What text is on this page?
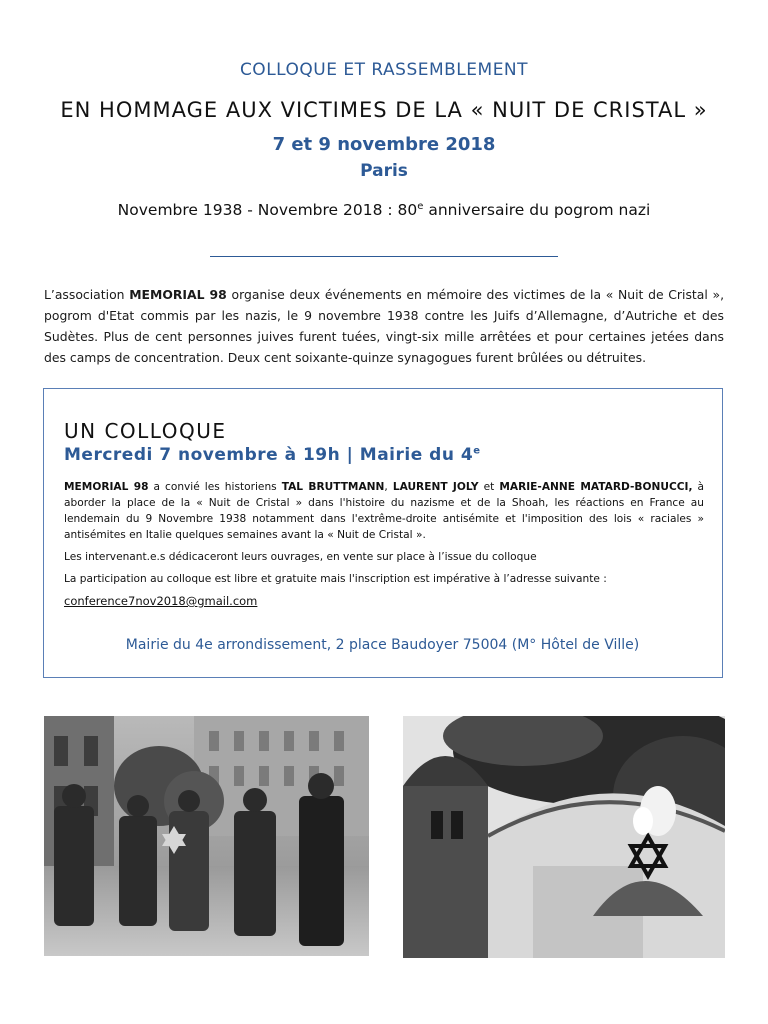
COLLOQUE ET RASSEMBLEMENT
EN HOMMAGE AUX VICTIMES DE LA « NUIT DE CRISTAL »
7 et 9 novembre 2018
Paris
Novembre 1938 - Novembre 2018 : 80e anniversaire du pogrom nazi
L’association MEMORIAL 98 organise deux événements en mémoire des victimes de la « Nuit de Cristal », pogrom d'Etat commis par les nazis, le 9 novembre 1938 contre les Juifs d’Allemagne, d’Autriche et des Sudètes. Plus de cent personnes juives furent tuées, vingt-six mille arrêtées et pour certaines jetées dans des camps de concentration. Deux cent soixante-quinze synagogues furent brûlées ou détruites.
UN COLLOQUE
Mercredi 7 novembre à 19h | Mairie du 4e

MEMORIAL 98 a convié les historiens TAL BRUTTMANN, LAURENT JOLY et MARIE-ANNE MATARD-BONUCCI, à aborder la place de la « Nuit de Cristal » dans l'histoire du nazisme et de la Shoah, les réactions en France au lendemain du 9 Novembre 1938 notamment dans l'extrême-droite antisémite et l'imposition des lois « raciales » antisémites en Italie quelques semaines avant la « Nuit de Cristal ».

Les intervenant.e.s dédicaceront leurs ouvrages, en vente sur place à l’issue du colloque

La participation au colloque est libre et gratuite mais l'inscription est impérative à l’adresse suivante :

conference7nov2018@gmail.com

Mairie du 4e arrondissement, 2 place Baudoyer 75004 (M° Hôtel de Ville)
